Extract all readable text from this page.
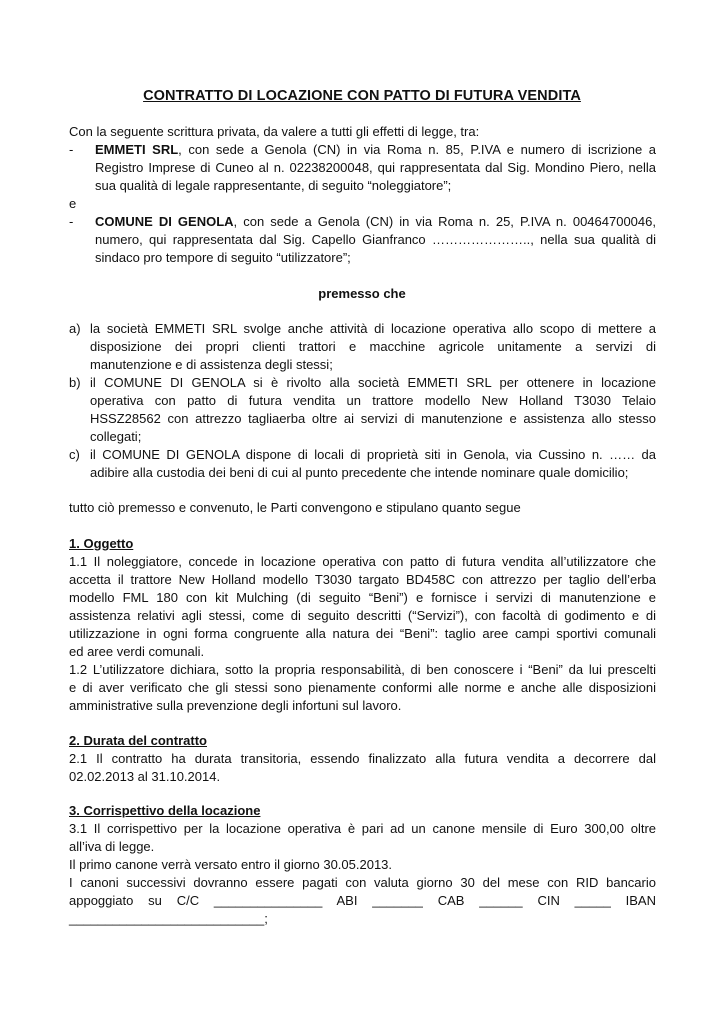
CONTRATTO DI LOCAZIONE CON PATTO DI FUTURA VENDITA
Con la seguente scrittura privata, da valere a tutti gli effetti di legge, tra:
- EMMETI SRL, con sede a Genola (CN) in via Roma n. 85, P.IVA e numero di iscrizione a
Registro Imprese di Cuneo al n. 02238200048, qui rappresentata dal Sig. Mondino Piero, nella
sua qualità di legale rappresentante, di seguito “noleggiatore”;
e
- COMUNE DI GENOLA, con sede a Genola (CN) in via Roma n. 25, P.IVA n. 00464700046,
numero, qui rappresentata dal Sig. Capello Gianfranco ………………….., nella sua qualità di
sindaco pro tempore di seguito “utilizzatore”;
premesso che
a) la società EMMETI SRL svolge anche attività di locazione operativa allo scopo di mettere a
disposizione dei propri clienti trattori e macchine agricole unitamente a servizi di
manutenzione e di assistenza degli stessi;
b) il COMUNE DI GENOLA si è rivolto alla società EMMETI SRL per ottenere in locazione
operativa con patto di futura vendita un trattore modello New Holland T3030 Telaio
HSSZ28562 con attrezzo tagliaerba oltre ai servizi di manutenzione e assistenza allo stesso
collegati;
c) il COMUNE DI GENOLA dispone di locali di proprietà siti in Genola, via Cussino n. …… da
adibire alla custodia dei beni di cui al punto precedente che intende nominare quale domicilio;
tutto ciò premesso e convenuto, le Parti convengono e stipulano quanto segue
1. Oggetto
1.1 Il noleggiatore, concede in locazione operativa con patto di futura vendita all’utilizzatore che
accetta il trattore New Holland modello T3030 targato BD458C con attrezzo per taglio dell’erba
modello FML 180 con kit Mulching (di seguito “Beni”) e fornisce i servizi di manutenzione e
assistenza relativi agli stessi, come di seguito descritti (“Servizi”), con facoltà di godimento e di
utilizzazione in ogni forma congruente alla natura dei “Beni”: taglio aree campi sportivi comunali
ed aree verdi comunali.
1.2 L’utilizzatore dichiara, sotto la propria responsabilità, di ben conoscere i “Beni” da lui prescelti
e di aver verificato che gli stessi sono pienamente conformi alle norme e anche alle disposizioni
amministrative sulla prevenzione degli infortuni sul lavoro.
2. Durata del contratto
2.1 Il contratto ha durata transitoria, essendo finalizzato alla futura vendita a decorrere dal
02.02.2013 al 31.10.2014.
3. Corrispettivo della locazione
3.1 Il corrispettivo per la locazione operativa è pari ad un canone mensile di Euro 300,00 oltre
all’iva di legge.
Il primo canone verrà versato entro il giorno 30.05.2013.
I canoni successivi dovranno essere pagati con valuta giorno 30 del mese con RID bancario
appoggiato su C/C _______________ ABI _______ CAB ______ CIN _____ IBAN
___________________________;
